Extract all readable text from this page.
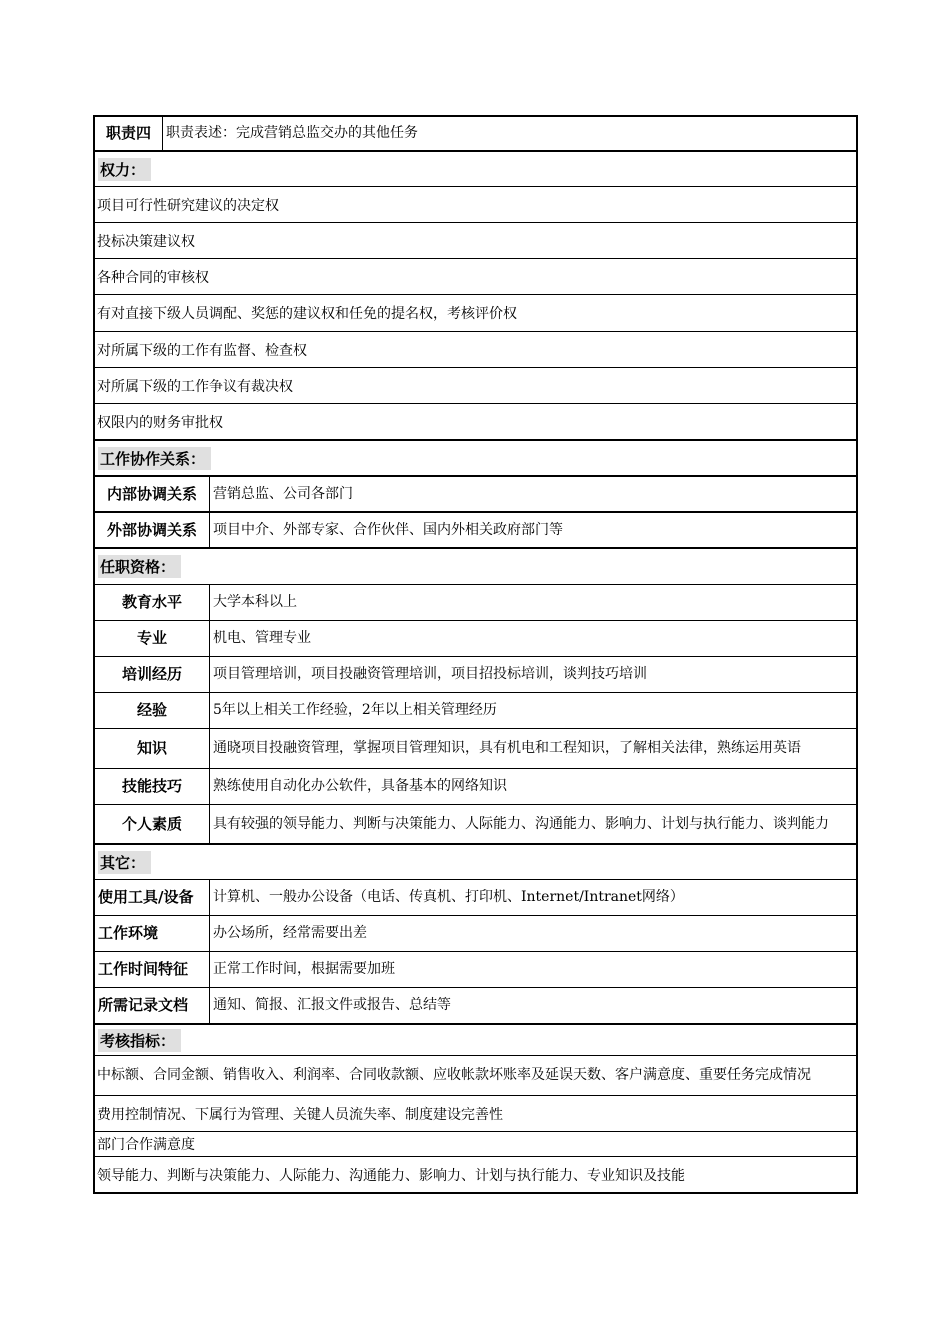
职责四	职责表述：完成营销总监交办的其他任务
权力：
项目可行性研究建议的决定权
投标决策建议权
各种合同的审核权
有对直接下级人员调配、奖惩的建议权和任免的提名权，考核评价权
对所属下级的工作有监督、检查权
对所属下级的工作争议有裁决权
权限内的财务审批权
工作协作关系：
内部协调关系	营销总监、公司各部门
外部协调关系	项目中介、外部专家、合作伙伴、国内外相关政府部门等
任职资格：
教育水平	大学本科以上
专业	机电、管理专业
培训经历	项目管理培训，项目投融资管理培训，项目招投标培训，谈判技巧培训
经验	5年以上相关工作经验，2年以上相关管理经历
知识	通晓项目投融资管理，掌握项目管理知识，具有机电和工程知识，了解相关法律，熟练运用英语
技能技巧	熟练使用自动化办公软件，具备基本的网络知识
个人素质	具有较强的领导能力、判断与决策能力、人际能力、沟通能力、影响力、计划与执行能力、谈判能力
其它：
使用工具/设备	计算机、一般办公设备（电话、传真机、打印机、Internet/Intranet网络）
工作环境	办公场所，经常需要出差
工作时间特征	正常工作时间，根据需要加班
所需记录文档	通知、简报、汇报文件或报告、总结等
考核指标：
中标额、合同金额、销售收入、利润率、合同收款额、应收帐款坏账率及延误天数、客户满意度、重要任务完成情况
费用控制情况、下属行为管理、关键人员流失率、制度建设完善性
部门合作满意度
领导能力、判断与决策能力、人际能力、沟通能力、影响力、计划与执行能力、专业知识及技能
